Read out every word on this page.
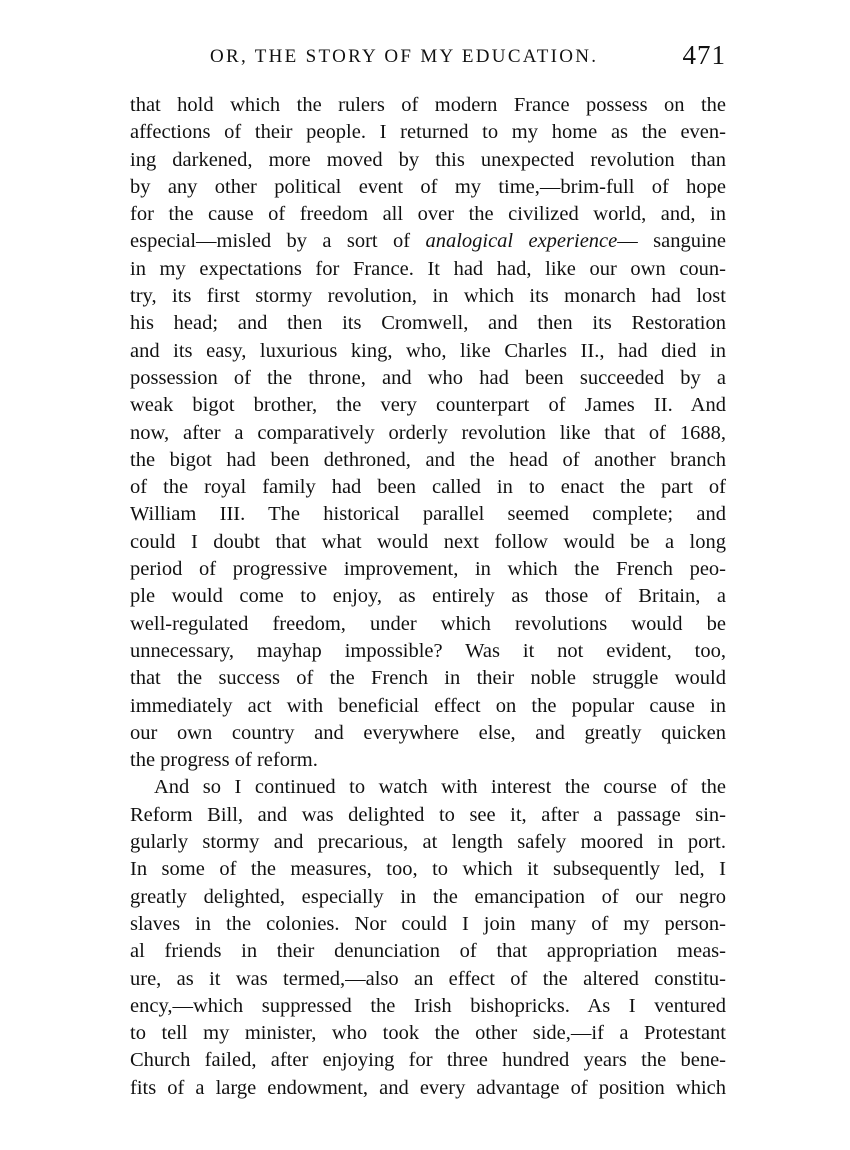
OR, THE STORY OF MY EDUCATION.	471
that hold which the rulers of modern France possess on the
affections of their people. I returned to my home as the even-
ing darkened, more moved by this unexpected revolution than
by any other political event of my time,—brim-full of hope
for the cause of freedom all over the civilized world, and, in
especial—misled by a sort of analogical experience— sanguine
in my expectations for France. It had had, like our own coun-
try, its first stormy revolution, in which its monarch had lost
his head; and then its Cromwell, and then its Restoration
and its easy, luxurious king, who, like Charles II., had died in
possession of the throne, and who had been succeeded by a
weak bigot brother, the very counterpart of James II. And
now, after a comparatively orderly revolution like that of 1688,
the bigot had been dethroned, and the head of another branch
of the royal family had been called in to enact the part of
William III. The historical parallel seemed complete; and
could I doubt that what would next follow would be a long
period of progressive improvement, in which the French peo-
ple would come to enjoy, as entirely as those of Britain, a
well-regulated freedom, under which revolutions would be
unnecessary, mayhap impossible? Was it not evident, too,
that the success of the French in their noble struggle would
immediately act with beneficial effect on the popular cause in
our own country and everywhere else, and greatly quicken
the progress of reform.
And so I continued to watch with interest the course of the
Reform Bill, and was delighted to see it, after a passage sin-
gularly stormy and precarious, at length safely moored in port.
In some of the measures, too, to which it subsequently led, I
greatly delighted, especially in the emancipation of our negro
slaves in the colonies. Nor could I join many of my person-
al friends in their denunciation of that appropriation meas-
ure, as it was termed,—also an effect of the altered constitu-
ency,—which suppressed the Irish bishopricks. As I ventured
to tell my minister, who took the other side,—if a Protestant
Church failed, after enjoying for three hundred years the bene-
fits of a large endowment, and every advantage of position which
